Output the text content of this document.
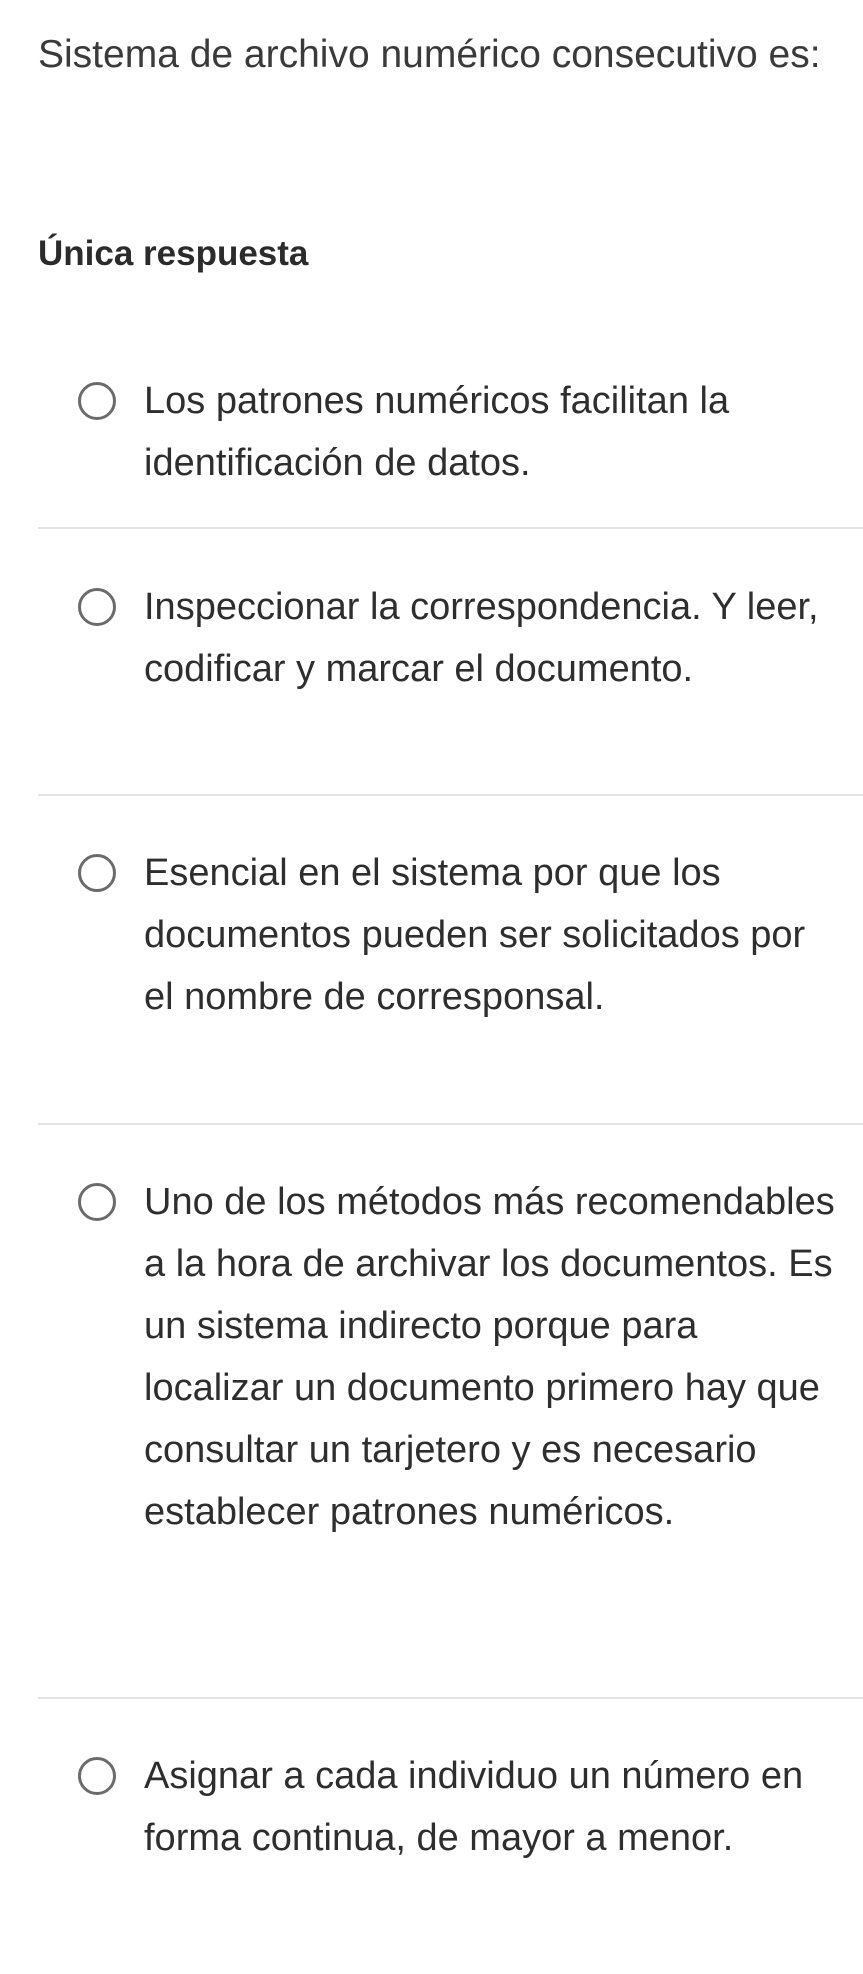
Sistema de archivo numérico consecutivo es:
Única respuesta
Los patrones numéricos facilitan la identificación de datos.
Inspeccionar la correspondencia. Y leer, codificar y marcar el documento.
Esencial en el sistema por que los documentos pueden ser solicitados por el nombre de corresponsal.
Uno de los métodos más recomendables a la hora de archivar los documentos. Es un sistema indirecto porque para localizar un documento primero hay que consultar un tarjetero y es necesario establecer patrones numéricos.
Asignar a cada individuo un número en forma continua, de mayor a menor.
